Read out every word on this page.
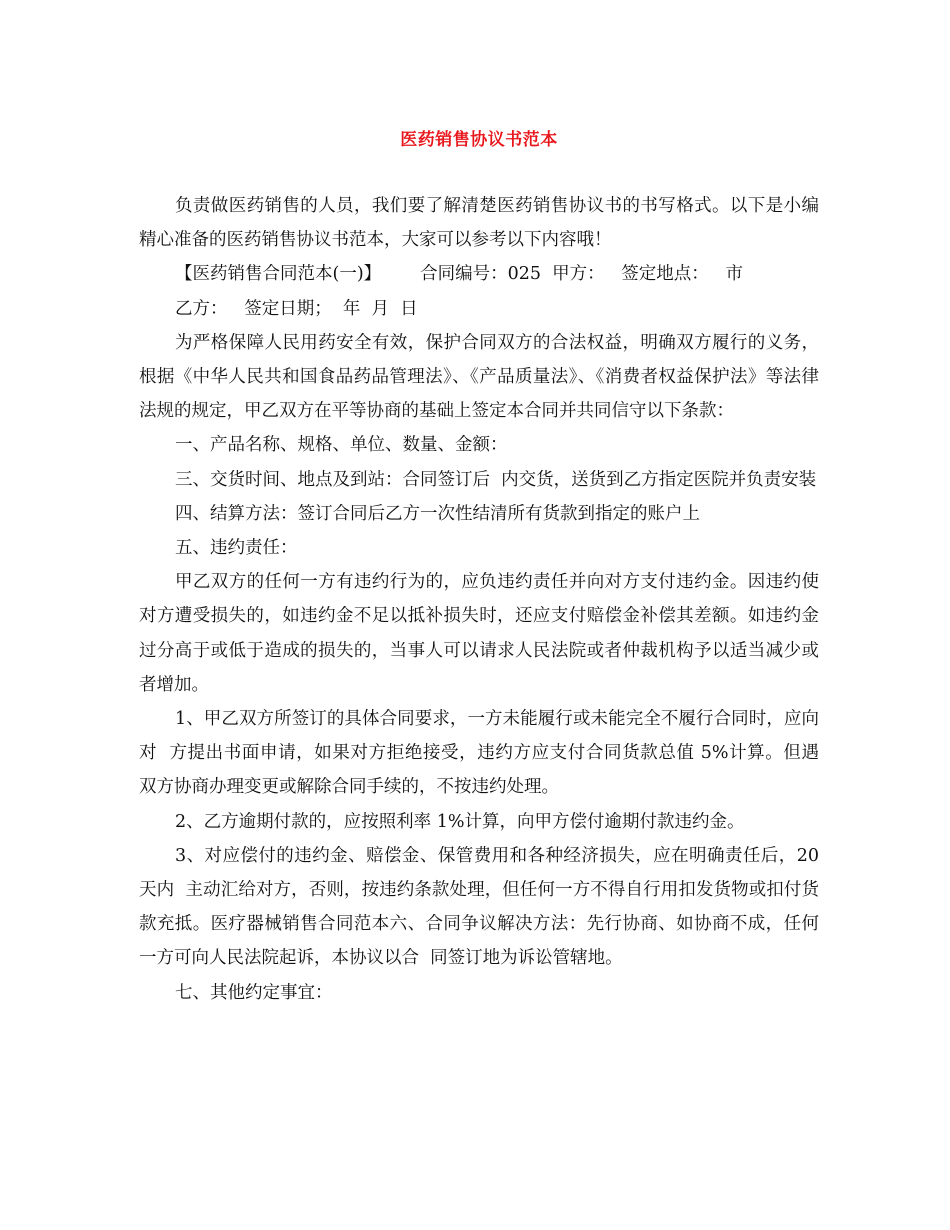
医药销售协议书范本

负责做医药销售的人员，我们要了解清楚医药销售协议书的书写格式。以下是小编精心准备的医药销售协议书范本，大家可以参考以下内容哦！

【医药销售合同范本(一)】       合同编号：025  甲方：   签定地点：   市

乙方：   签定日期；  年  月  日

为严格保障人民用药安全有效，保护合同双方的合法权益，明确双方履行的义务，根据《中华人民共和国食品药品管理法》、《产品质量法》、《消费者权益保护法》等法律法规的规定，甲乙双方在平等协商的基础上签定本合同并共同信守以下条款：

一、产品名称、规格、单位、数量、金额：

三、交货时间、地点及到站：合同签订后  内交货，送货到乙方指定医院并负责安装

四、结算方法：签订合同后乙方一次性结清所有货款到指定的账户上

五、违约责任：

甲乙双方的任何一方有违约行为的，应负违约责任并向对方支付违约金。因违约使对方遭受损失的，如违约金不足以抵补损失时，还应支付赔偿金补偿其差额。如违约金过分高于或低于造成的损失的，当事人可以请求人民法院或者仲裁机构予以适当减少或者增加。

1、甲乙双方所签订的具体合同要求，一方未能履行或未能完全不履行合同时，应向对  方提出书面申请，如果对方拒绝接受，违约方应支付合同货款总值 5%计算。但遇  双方协商办理变更或解除合同手续的，不按违约处理。

2、乙方逾期付款的，应按照利率 1%计算，向甲方偿付逾期付款违约金。

3、对应偿付的违约金、赔偿金、保管费用和各种经济损失，应在明确责任后，20 天内  主动汇给对方，否则，按违约条款处理，但任何一方不得自行用扣发货物或扣付货  款充抵。医疗器械销售合同范本六、合同争议解决方法：先行协商、如协商不成，任何一方可向人民法院起诉，本协议以合  同签订地为诉讼管辖地。

七、其他约定事宜：
